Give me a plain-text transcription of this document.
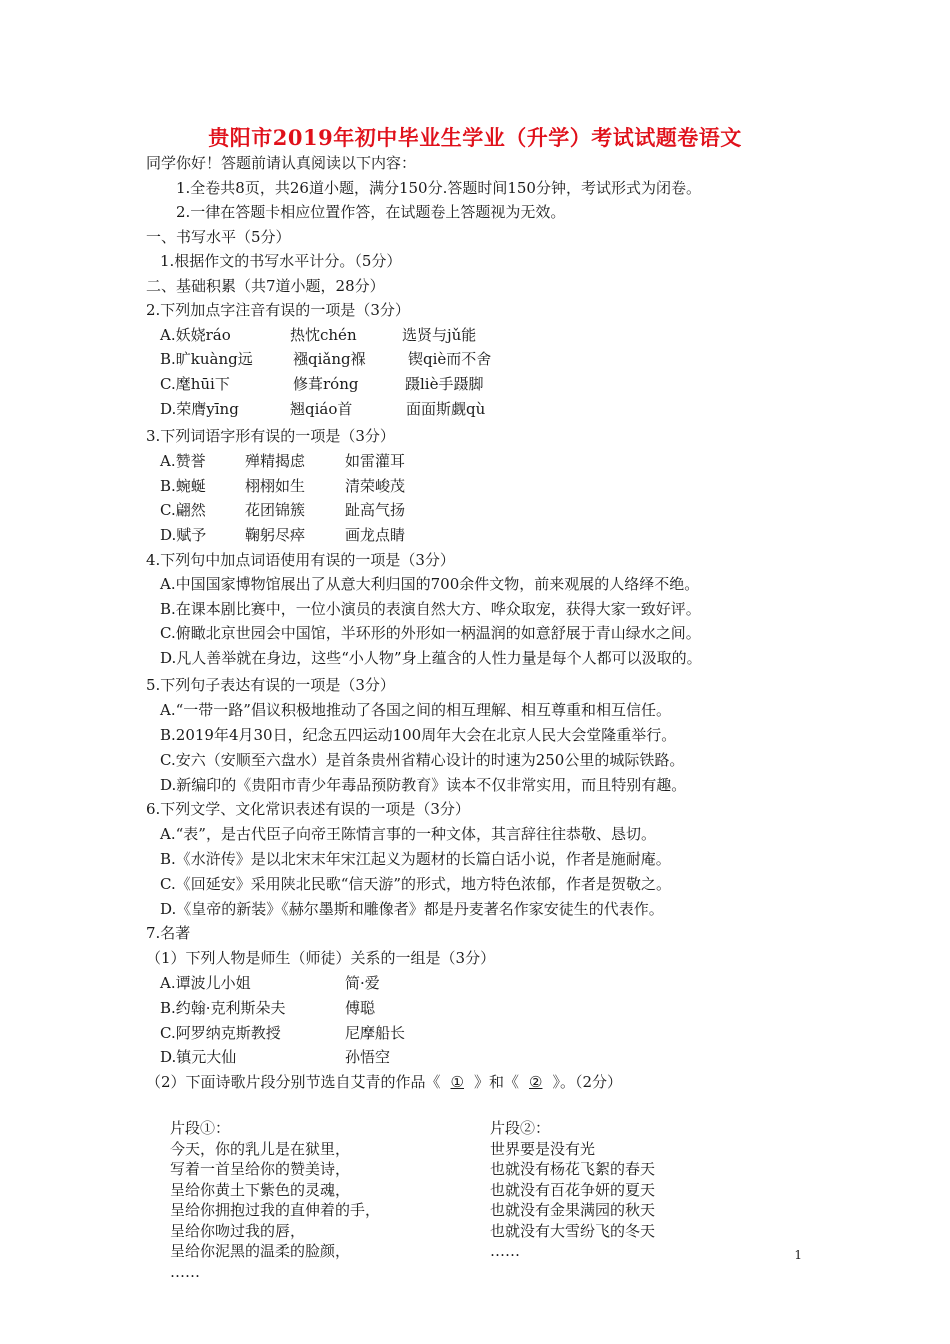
贵阳市2019年初中毕业生学业（升学）考试试题卷语文
同学你好！答题前请认真阅读以下内容：
1.全卷共8页，共26道小题，满分150分.答题时间150分钟，考试形式为闭卷。
2.一律在答题卡相应位置作答，在试题卷上答题视为无效。
一、书写水平（5分）
1.根据作文的书写水平计分。（5分）
二、基础积累（共7道小题，28分）
2.下列加点字注音有误的一项是（3分）
A.妖娆ráo	热忱chén	选贤与jǔ能
B.旷kuàng远	襁qiǎng褓	锲qiè而不舍
C.麾hūi下	修葺róng	蹑liè手蹑脚
D.荣膺yīng	翘qiáo首	面面斯觑qù
3.下列词语字形有误的一项是（3分）
A.赞誉	殚精揭虑	如雷灌耳
B.蜿蜒	栩栩如生	清荣峻茂
C.翩然	花团锦簇	趾高气扬
D.赋予	鞠躬尽瘁	画龙点睛
4.下列句中加点词语使用有误的一项是（3分）
A.中国国家博物馆展出了从意大利归国的700余件文物，前来观展的人络绎不绝。
B.在课本剧比赛中，一位小演员的表演自然大方、哗众取宠，获得大家一致好评。
C.俯瞰北京世园会中国馆，半环形的外形如一柄温润的如意舒展于青山绿水之间。
D.凡人善举就在身边，这些“小人物”身上蕴含的人性力量是每个人都可以汲取的。
5.下列句子表达有误的一项是（3分）
A.“一带一路”倡议积极地推动了各国之间的相互理解、相互尊重和相互信任。
B.2019年4月30日，纪念五四运动100周年大会在北京人民大会堂隆重举行。
C.安六（安顺至六盘水）是首条贵州省精心设计的时速为250公里的城际铁路。
D.新编印的《贵阳市青少年毒品预防教育》读本不仅非常实用，而且特别有趣。
6.下列文学、文化常识表述有误的一项是（3分）
A.“表”，是古代臣子向帝王陈情言事的一种文体，其言辞往往恭敬、恳切。
B.《水浒传》是以北宋末年宋江起义为题材的长篇白话小说，作者是施耐庵。
C.《回延安》采用陕北民歌“信天游”的形式，地方特色浓郁，作者是贺敬之。
D.《皇帝的新装》《赫尔墨斯和雕像者》都是丹麦著名作家安徒生的代表作。
7.名著
（1）下列人物是师生（师徒）关系的一组是（3分）
A.谭波儿小姐	简·爱
B.约翰·克利斯朵夫	傅聪
C.阿罗纳克斯教授	尼摩船长
D.镇元大仙	孙悟空
（2）下面诗歌片段分别节选自艾青的作品《 ① 》和《 ② 》。（2分）
片段①：
今天，你的乳儿是在狱里，
写着一首呈给你的赞美诗，
呈给你黄土下紫色的灵魂，
呈给你拥抱过我的直伸着的手，
呈给你吻过我的唇，
呈给你泥黑的温柔的脸颜，
……
片段②：
世界要是没有光
也就没有杨花飞絮的春天
也就没有百花争妍的夏天
也就没有金果满园的秋天
也就没有大雪纷飞的冬天
……	1
